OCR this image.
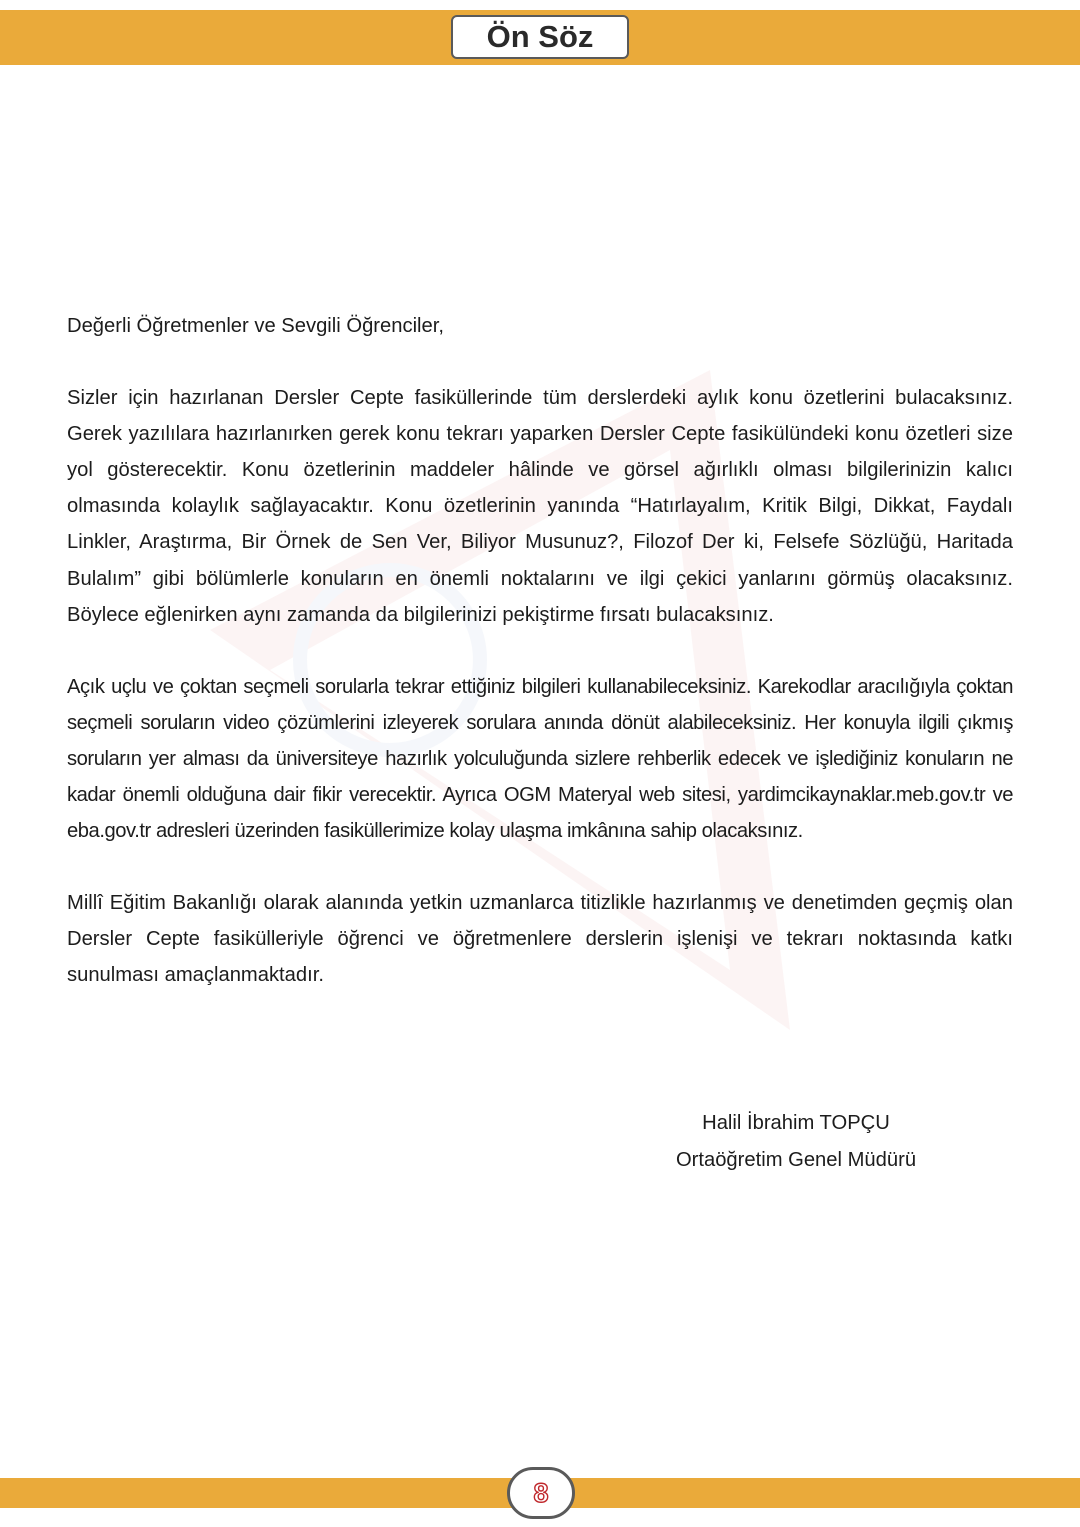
Ön Söz

Değerli Öğretmenler ve Sevgili Öğrenciler,

Sizler için hazırlanan Dersler Cepte fasiküllerinde tüm derslerdeki aylık konu özetlerini bulacaksınız. Gerek yazılılara hazırlanırken gerek konu tekrarı yaparken Dersler Cepte fasikülündeki konu özetleri size yol gösterecektir. Konu özetlerinin maddeler hâlinde ve görsel ağırlıklı olması bilgilerinizin kalıcı olmasında kolaylık sağlayacaktır. Konu özetlerinin yanında “Hatırlayalım, Kritik Bilgi, Dikkat, Faydalı Linkler, Araştırma, Bir Örnek de Sen Ver, Biliyor Musunuz?, Filozof Der ki, Felsefe Sözlüğü, Haritada Bulalım” gibi bölümlerle konuların en önemli noktalarını ve ilgi çekici yanlarını görmüş olacaksınız. Böylece eğlenirken aynı zamanda da bilgilerinizi pekiştirme fırsatı bulacaksınız.

Açık uçlu ve çoktan seçmeli sorularla tekrar ettiğiniz bilgileri kullanabileceksiniz. Karekodlar aracılığıyla çoktan seçmeli soruların video çözümlerini izleyerek sorulara anında dönüt alabileceksiniz. Her konuyla ilgili çıkmış soruların yer alması da üniversiteye hazırlık yolculuğunda sizlere rehberlik edecek ve işlediğiniz konuların ne kadar önemli olduğuna dair fikir verecektir. Ayrıca OGM Materyal web sitesi, yardimcikaynaklar.meb.gov.tr ve eba.gov.tr adresleri üzerinden fasiküllerimize kolay ulaşma imkânına sahip olacaksınız.

Millî Eğitim Bakanlığı olarak alanında yetkin uzmanlarca titizlikle hazırlanmış ve denetimden geçmiş olan Dersler Cepte fasikülleriyle öğrenci ve öğretmenlere derslerin işlenişi ve tekrarı noktasında katkı sunulması amaçlanmaktadır.

Halil İbrahim TOPÇU
Ortaöğretim Genel Müdürü
8
